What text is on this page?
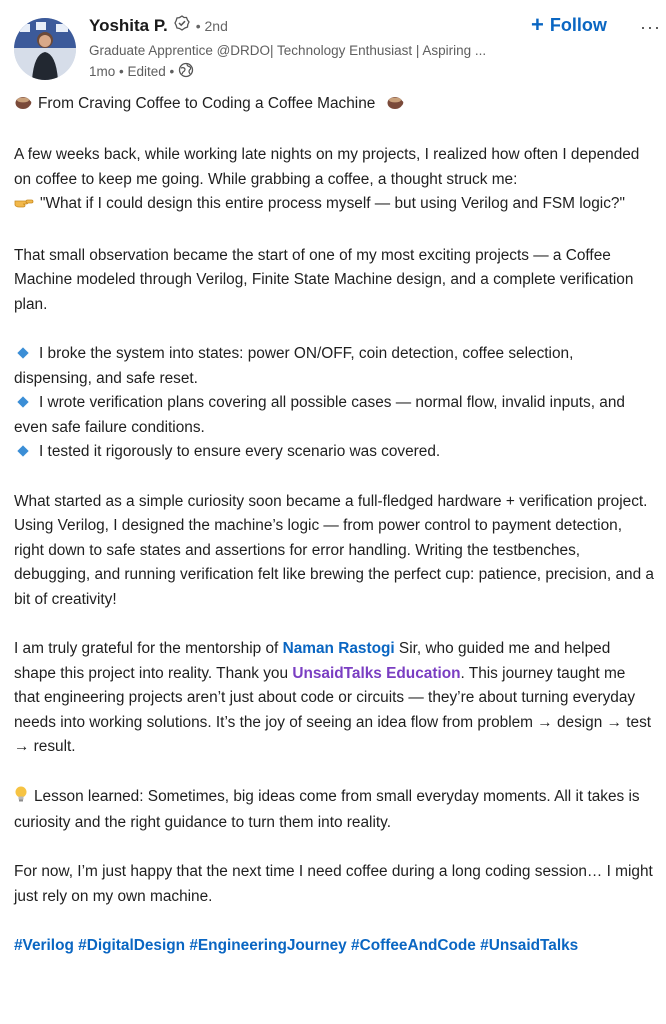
Yoshita P. • 2nd
Graduate Apprentice @DRDO| Technology Enthusiast | Aspiring ...
1mo • Edited •
+ Follow ···

From Craving Coffee to Coding a Coffee Machine

A few weeks back, while working late nights on my projects, I realized how often I depended on coffee to keep me going. While grabbing a coffee, a thought struck me:

"What if I could design this entire process myself — but using Verilog and FSM logic?"

That small observation became the start of one of my most exciting projects — a Coffee Machine modeled through Verilog, Finite State Machine design, and a complete verification plan.

I broke the system into states: power ON/OFF, coin detection, coffee selection, dispensing, and safe reset.

I wrote verification plans covering all possible cases — normal flow, invalid inputs, and even safe failure conditions.

I tested it rigorously to ensure every scenario was covered.

What started as a simple curiosity soon became a full-fledged hardware + verification project. Using Verilog, I designed the machine’s logic — from power control to payment detection, right down to safe states and assertions for error handling. Writing the testbenches, debugging, and running verification felt like brewing the perfect cup: patience, precision, and a bit of creativity!

I am truly grateful for the mentorship of Naman Rastogi Sir, who guided me and helped shape this project into reality. Thank you UnsaidTalks Education. This journey taught me that engineering projects aren’t just about code or circuits — they’re about turning everyday needs into working solutions. It’s the joy of seeing an idea flow from problem → design → test → result.

Lesson learned: Sometimes, big ideas come from small everyday moments. All it takes is curiosity and the right guidance to turn them into reality.

For now, I’m just happy that the next time I need coffee during a long coding session… I might just rely on my own machine.

#Verilog #DigitalDesign #EngineeringJourney #CoffeeAndCode #UnsaidTalks
